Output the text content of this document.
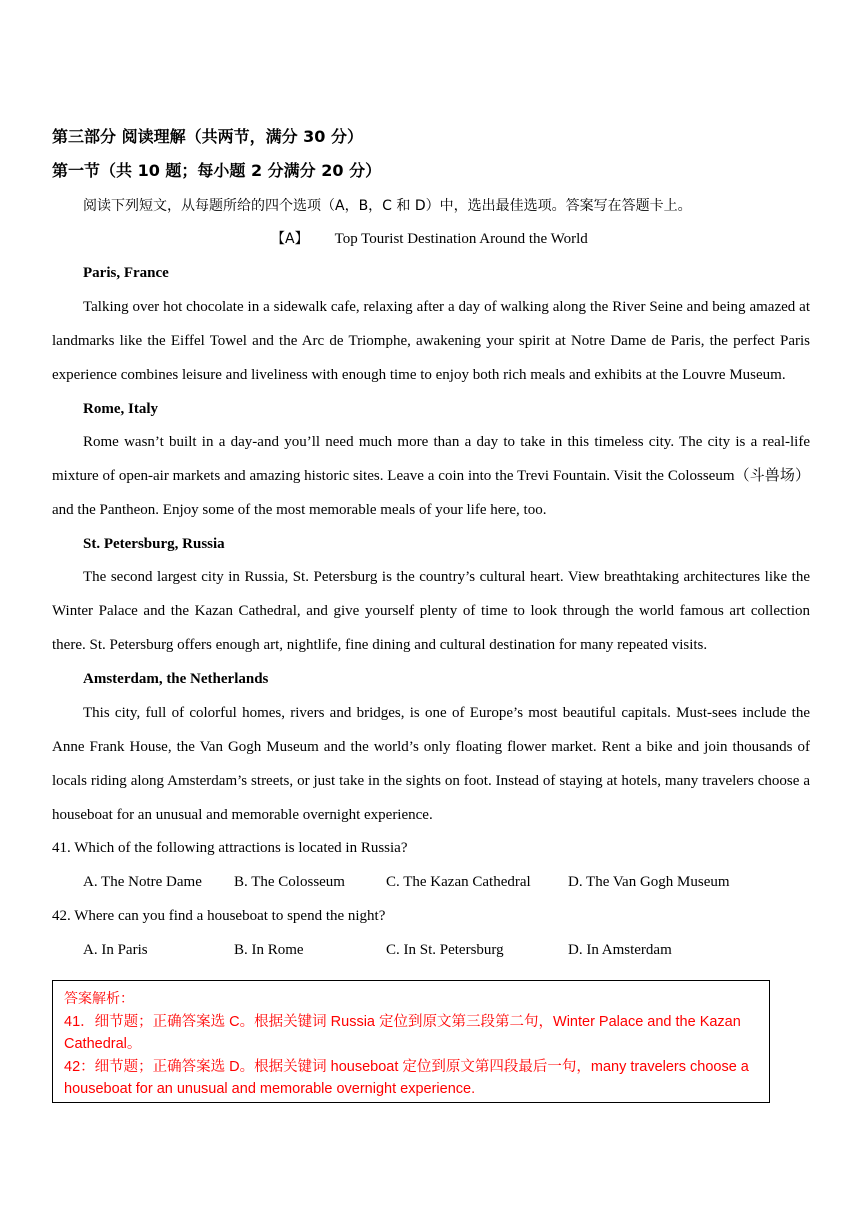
第三部分 阅读理解（共两节，满分 30 分）
第一节（共 10 题；每小题 2 分满分 20 分）
阅读下列短文，从每题所给的四个选项（A，B，C 和 D）中，选出最佳选项。答案写在答题卡上。
【A】 Top Tourist Destination Around the World
Paris, France
Talking over hot chocolate in a sidewalk cafe, relaxing after a day of walking along the River Seine and being amazed at landmarks like the Eiffel Towel and the Arc de Triomphe, awakening your spirit at Notre Dame de Paris, the perfect Paris experience combines leisure and liveliness with enough time to enjoy both rich meals and exhibits at the Louvre Museum.
Rome, Italy
Rome wasn’t built in a day-and you’ll need much more than a day to take in this timeless city. The city is a real-life mixture of open-air markets and amazing historic sites. Leave a coin into the Trevi Fountain. Visit the Colosseum（斗兽场）and the Pantheon. Enjoy some of the most memorable meals of your life here, too.
St. Petersburg, Russia
The second largest city in Russia, St. Petersburg is the country’s cultural heart. View breathtaking architectures like the Winter Palace and the Kazan Cathedral, and give yourself plenty of time to look through the world famous art collection there. St. Petersburg offers enough art, nightlife, fine dining and cultural destination for many repeated visits.
Amsterdam, the Netherlands
This city, full of colorful homes, rivers and bridges, is one of Europe’s most beautiful capitals. Must-sees include the Anne Frank House, the Van Gogh Museum and the world’s only floating flower market. Rent a bike and join thousands of locals riding along Amsterdam’s streets, or just take in the sights on foot. Instead of staying at hotels, many travelers choose a houseboat for an unusual and memorable overnight experience.
41. Which of the following attractions is located in Russia?
A. The Notre Dame B. The Colosseum	C. The Kazan Cathedral D. The Van Gogh Museum
42. Where can you find a houseboat to spend the night?
A. In Paris	B. In Rome	C. In St. Petersburg	D. In Amsterdam
答案解析：
41．细节题；正确答案选 C。根据关键词 Russia 定位到原文第三段第二句，Winter Palace and the Kazan Cathedral。
42：细节题；正确答案选 D。根据关键词 houseboat 定位到原文第四段最后一句，many travelers choose a houseboat for an unusual and memorable overnight experience.
